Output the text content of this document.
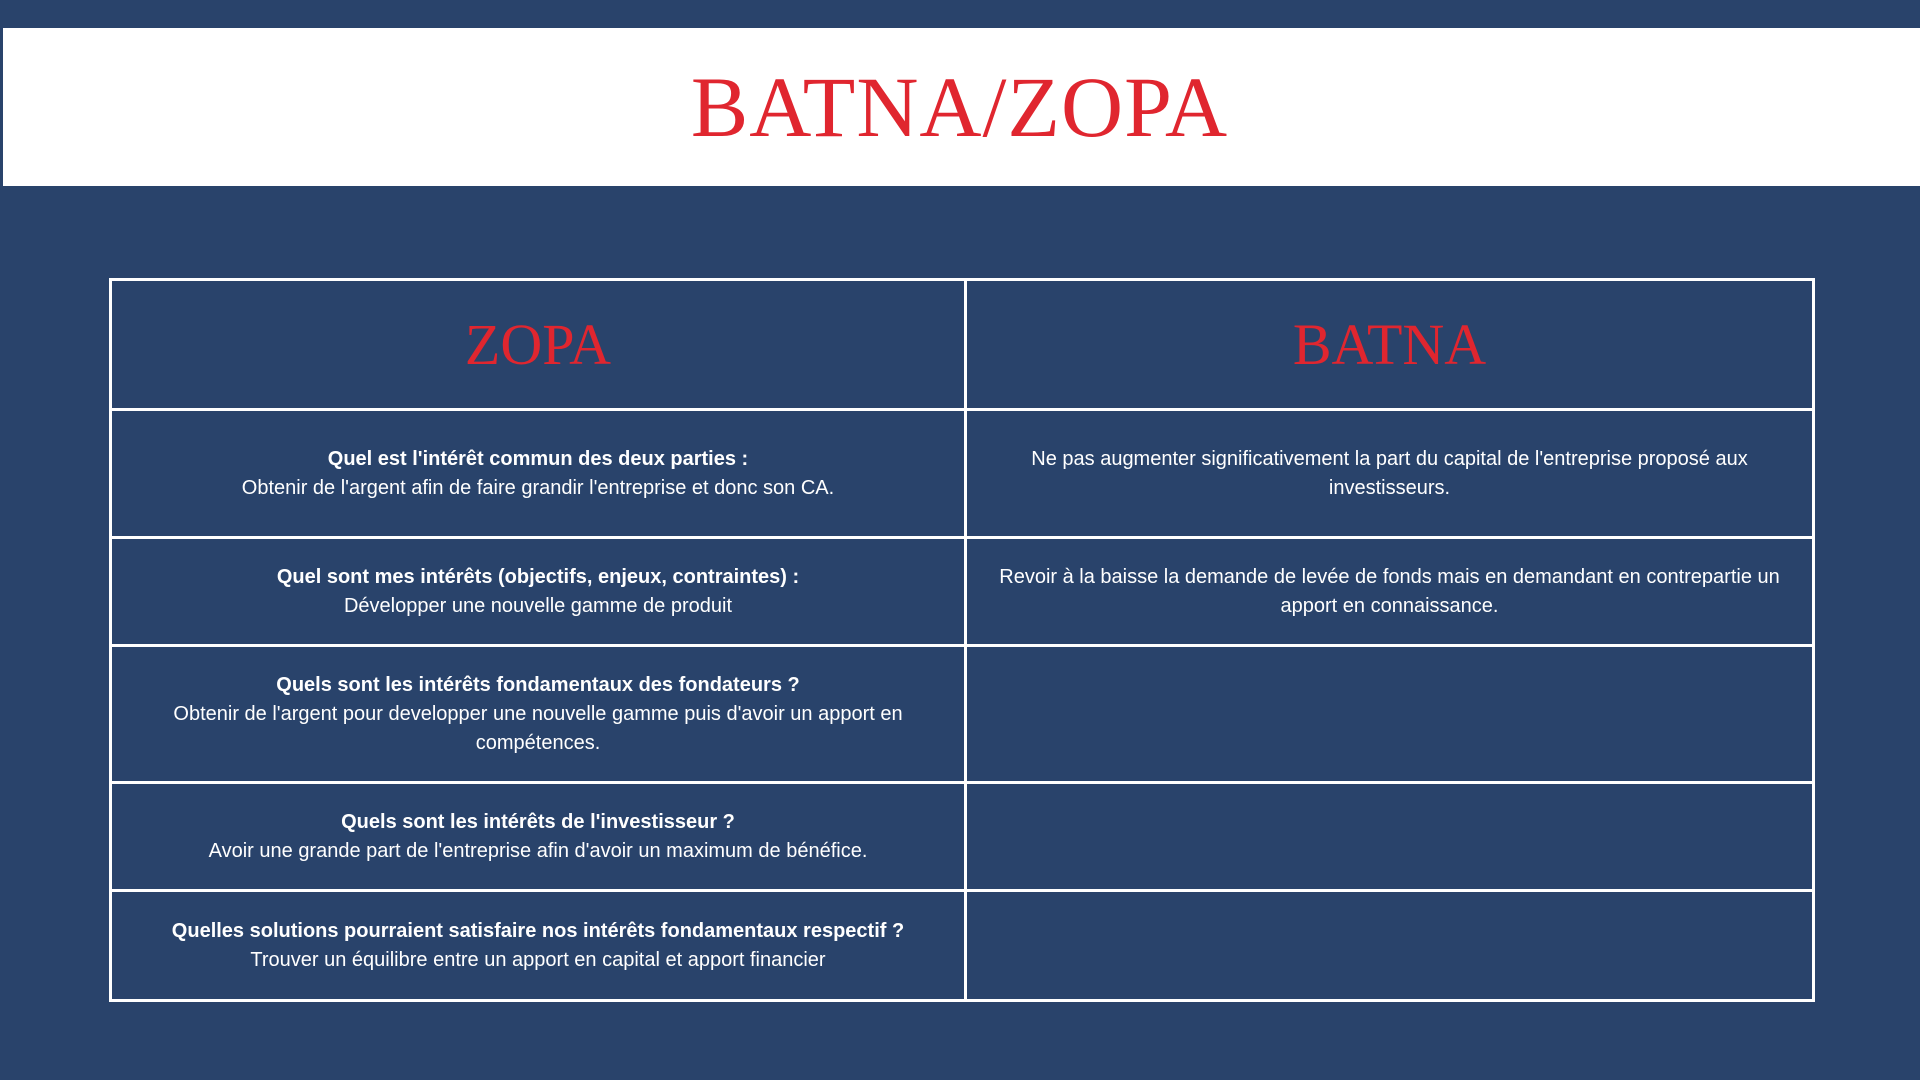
BATNA/ZOPA
ZOPA	BATNA

Quel est l'intérêt commun des deux parties :
Obtenir de l'argent afin de faire grandir l'entreprise et donc son CA.	Ne pas augmenter significativement la part du capital de l'entreprise proposé aux investisseurs.

Quel sont mes intérêts (objectifs, enjeux, contraintes) :
Développer une nouvelle gamme de produit	Revoir à la baisse la demande de levée de fonds mais en demandant en contrepartie un apport en connaissance.

Quels sont les intérêts fondamentaux des fondateurs ?
Obtenir de l'argent pour developper une nouvelle gamme puis d'avoir un apport en compétences.	

Quels sont les intérêts de l'investisseur ?
Avoir une grande part de l'entreprise afin d'avoir un maximum de bénéfice.	

Quelles solutions pourraient satisfaire nos intérêts fondamentaux respectif ?
Trouver un équilibre entre un apport en capital et apport financier	
